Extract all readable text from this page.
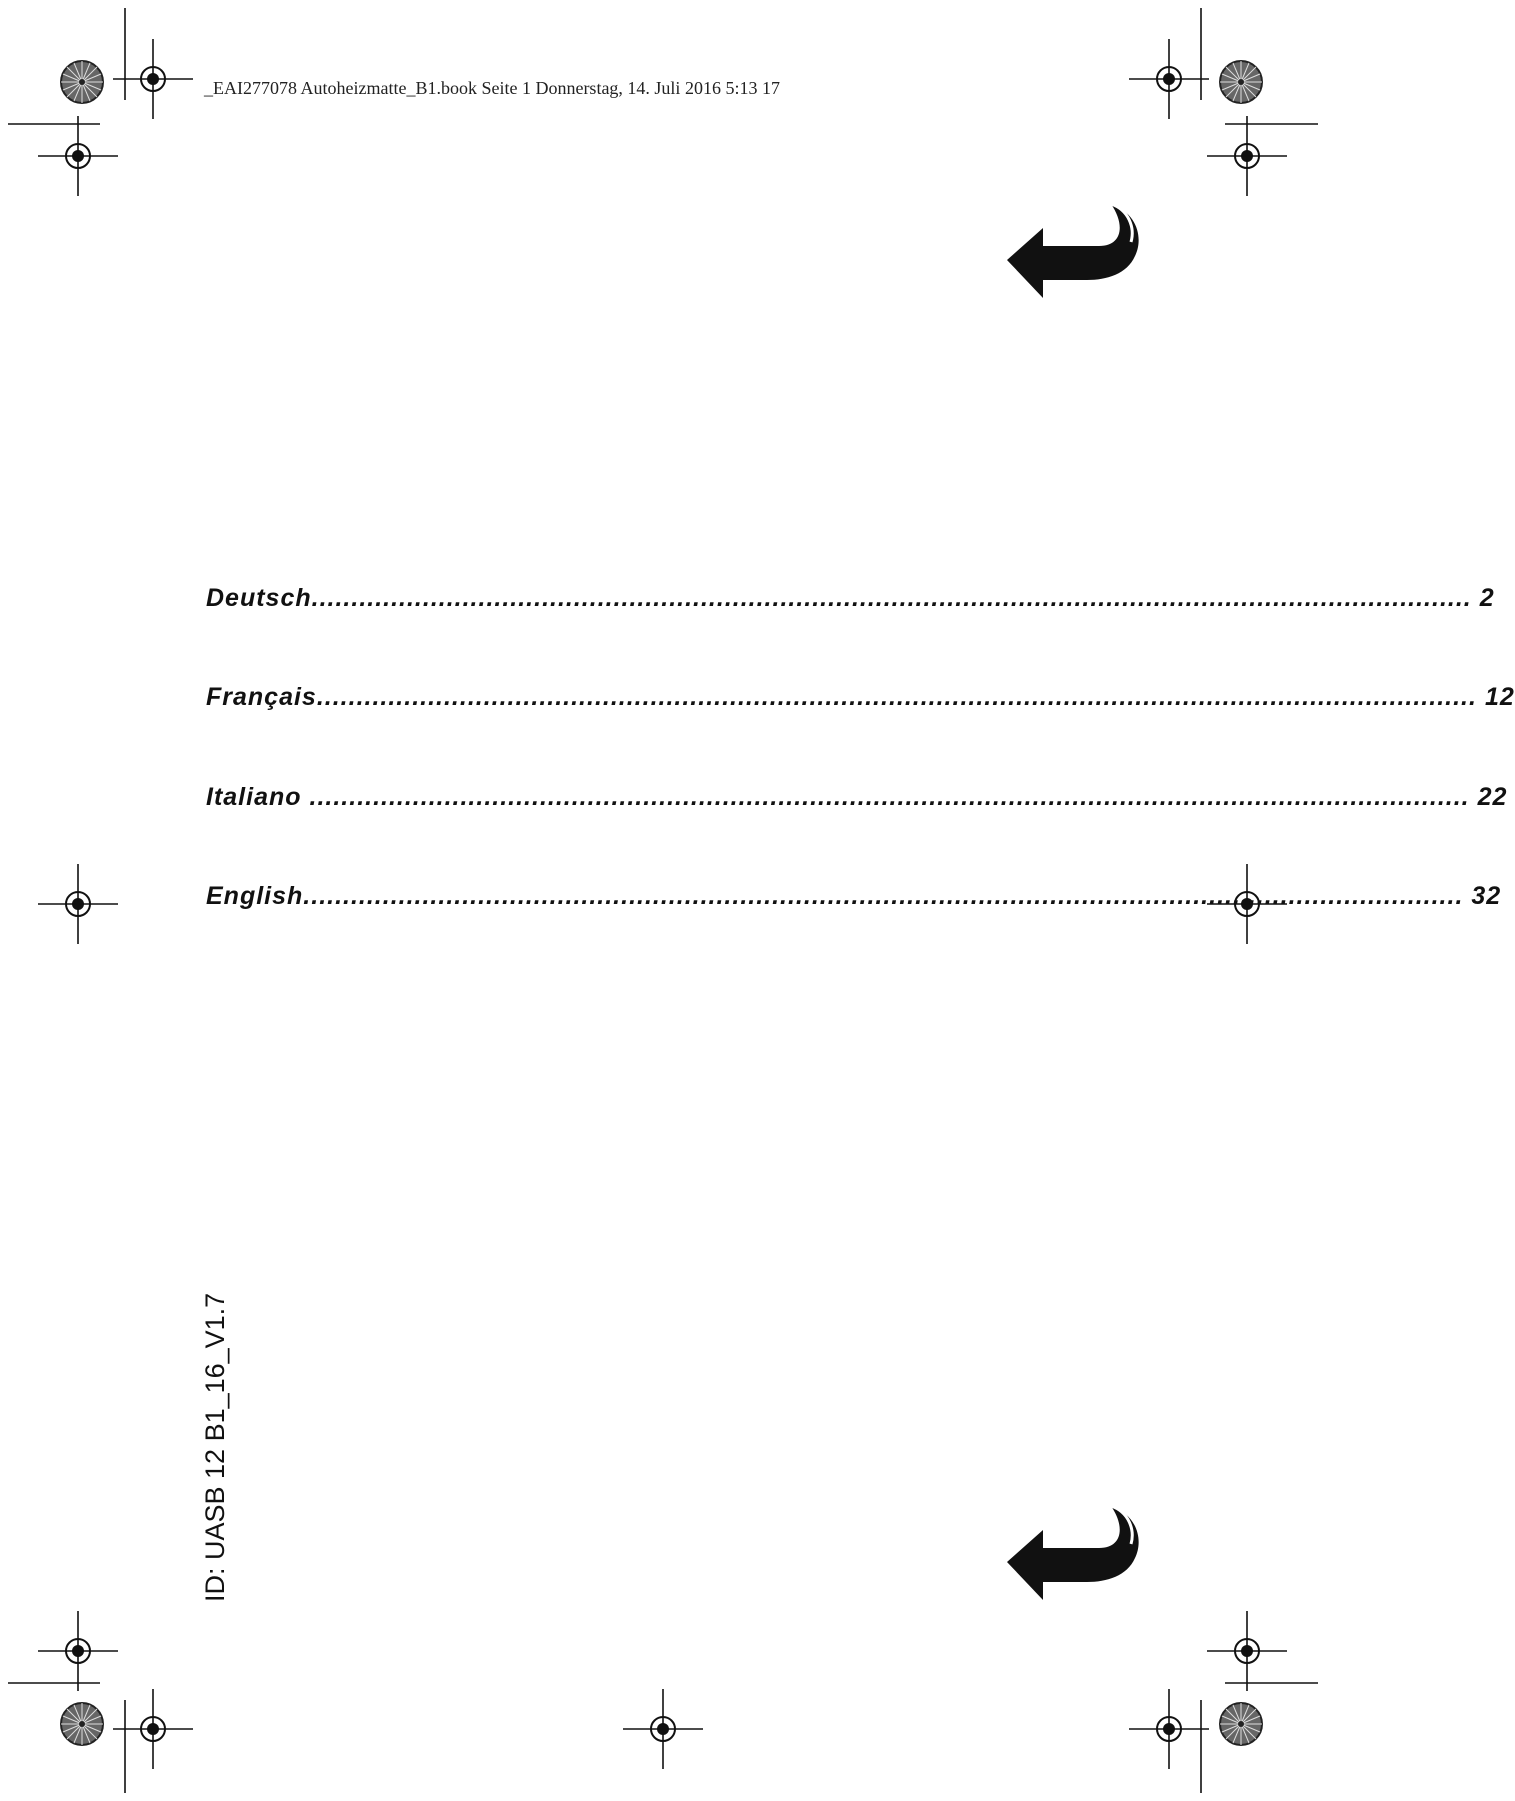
_EAI277078 Autoheizmatte_B1.book Seite 1 Donnerstag, 14. Juli 2016 5:13 17
Deutsch .................................................................................................................................................. 2
Français .................................................................................................................................................. 12
Italiano .................................................................................................................................................. 22
English .................................................................................................................................................. 32
ID: UASB 12 B1_16_V1.7
